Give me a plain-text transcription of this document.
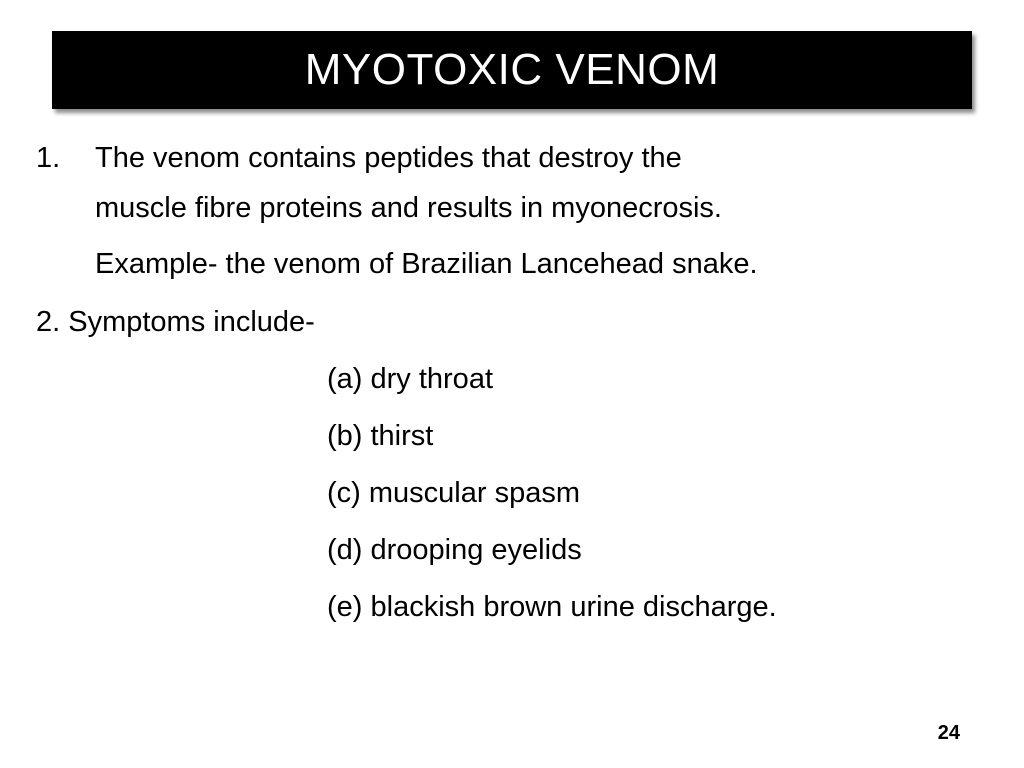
MYOTOXIC VENOM
1. The venom contains peptides that destroy the
muscle fibre proteins and results in myonecrosis.
Example- the venom of Brazilian Lancehead snake.
2. Symptoms include-
(a) dry throat
(b) thirst
(c) muscular spasm
(d) drooping eyelids
(e) blackish brown urine discharge.
24
